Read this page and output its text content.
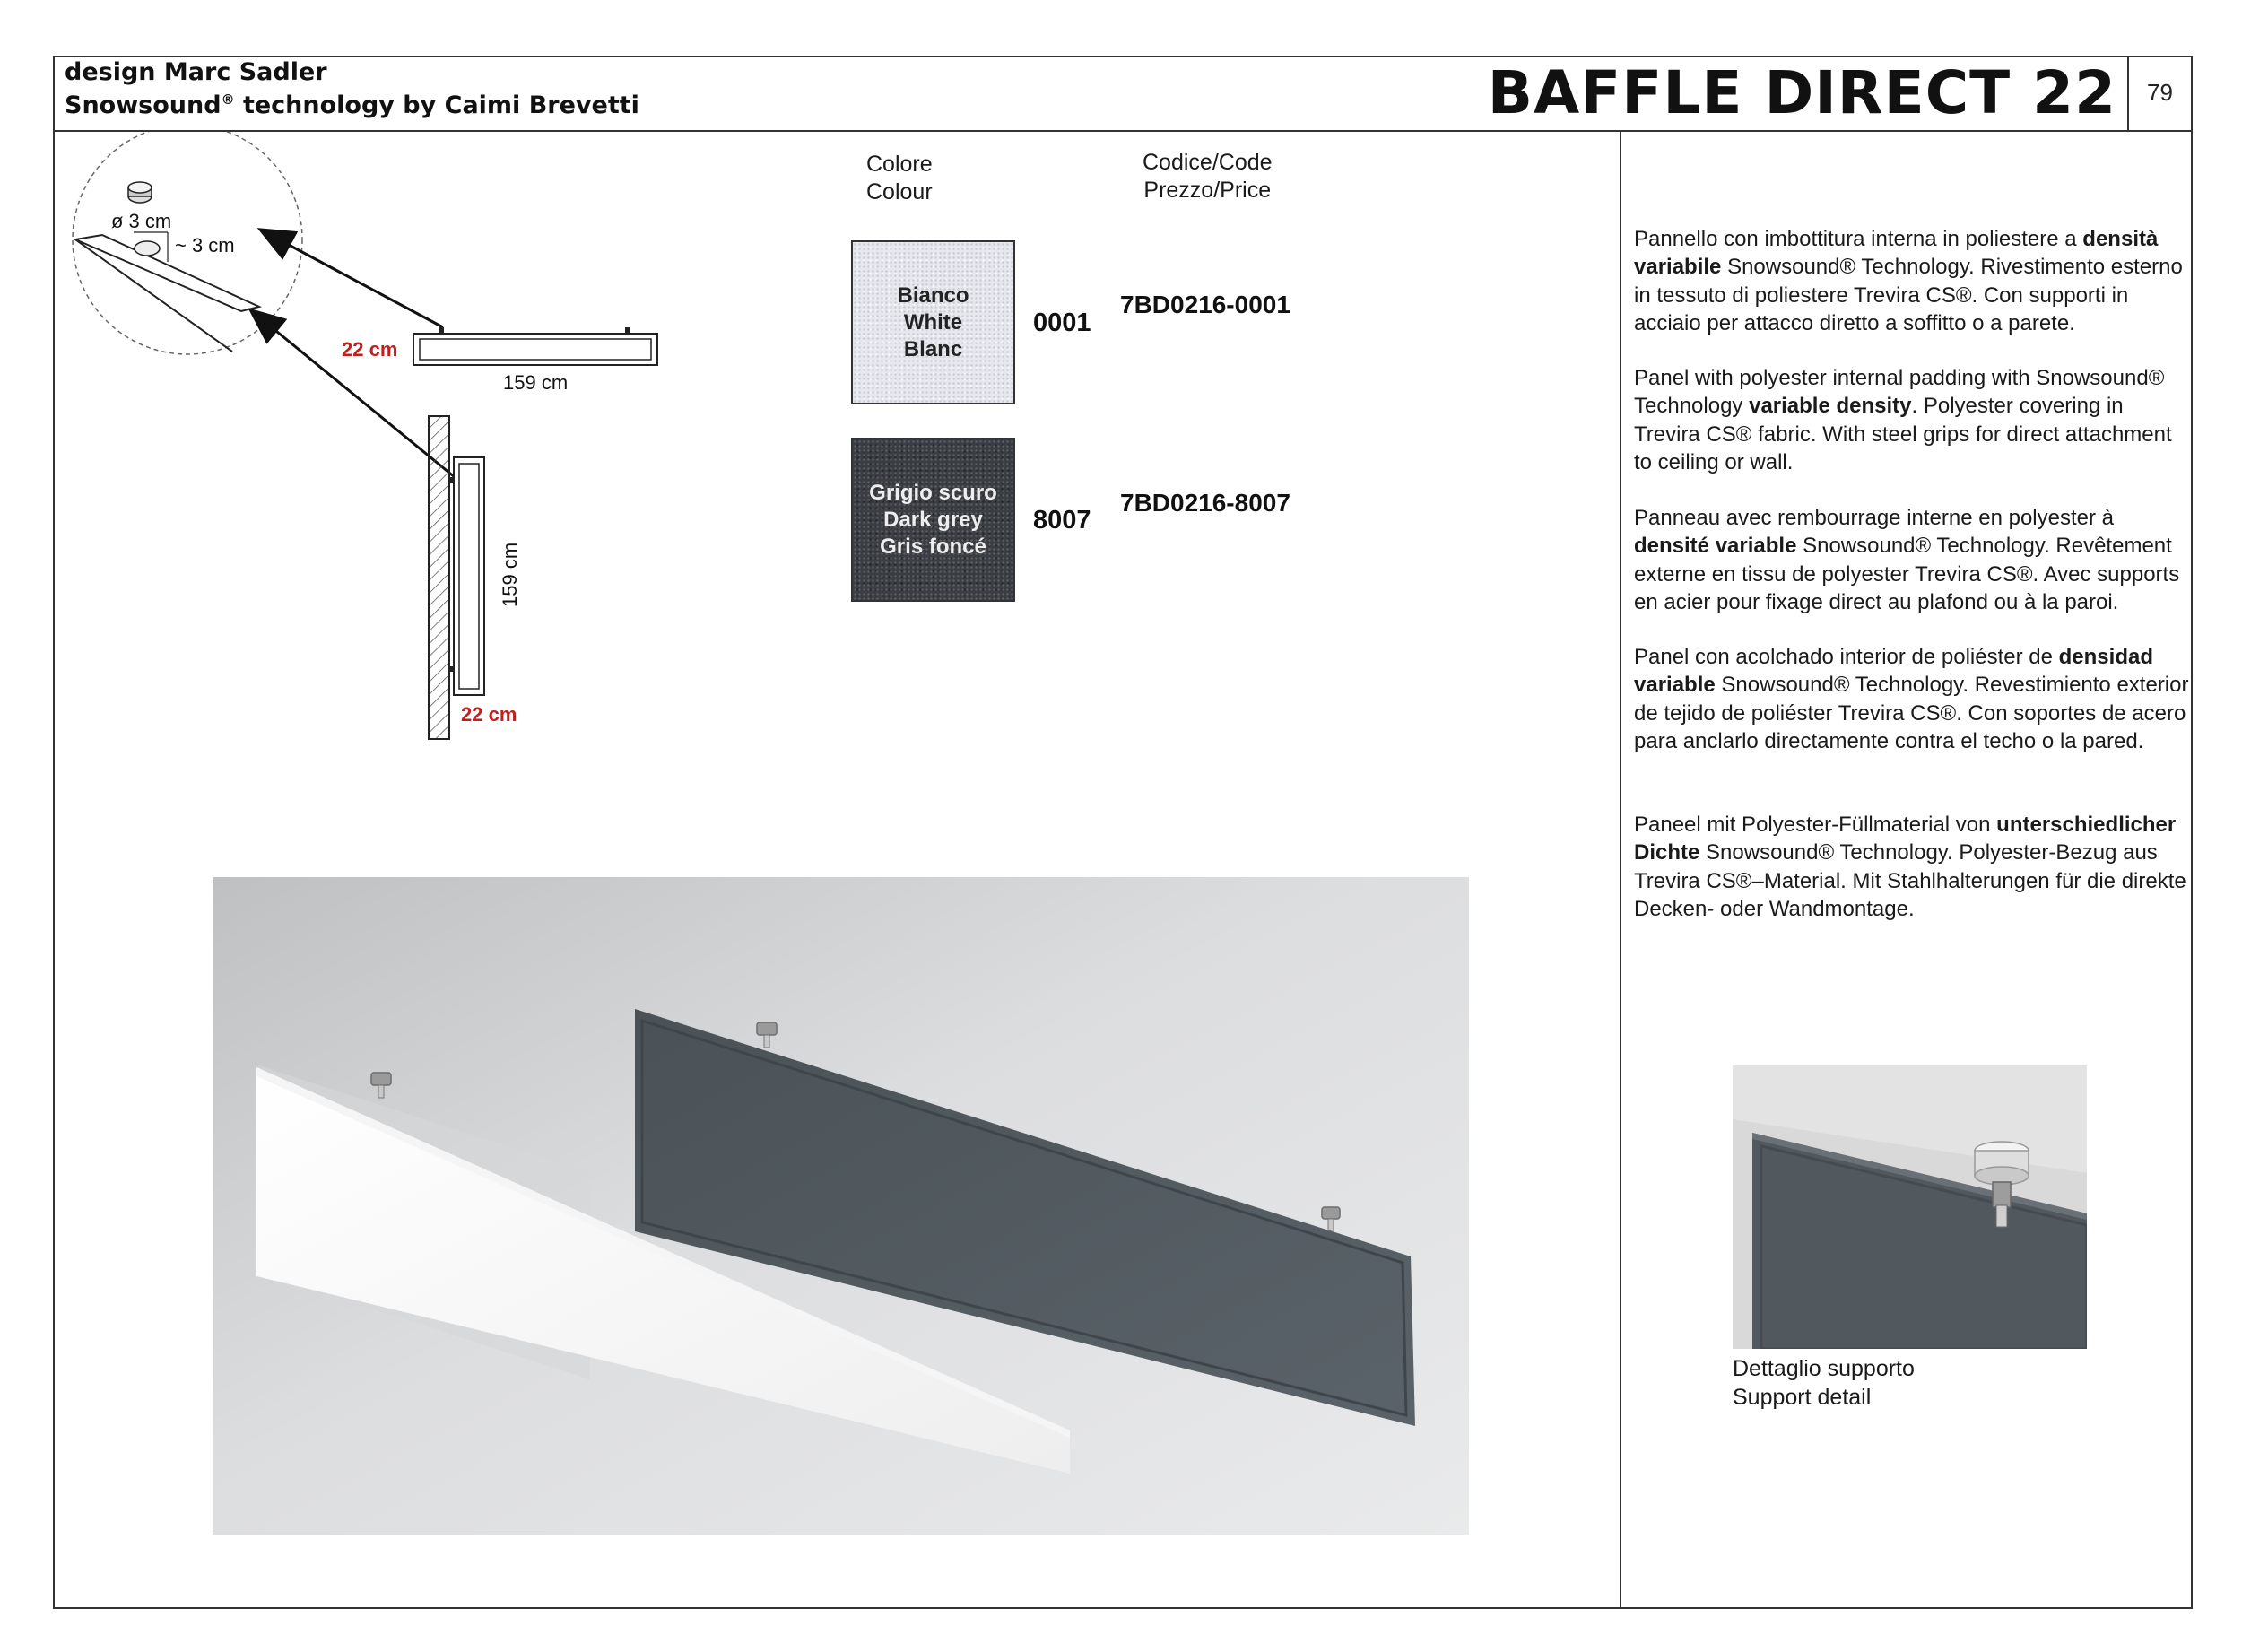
design Marc Sadler
Snowsound® technology by Caimi Brevetti	BAFFLE DIRECT 22	79
ø 3 cm
~ 3 cm
22 cm
159 cm
159 cm
22 cm
Colore
Colour
Codice/Code
Prezzo/Price
Bianco
White
Blanc
0001
7BD0216-0001
Grigio scuro
Dark grey
Gris foncé
8007
7BD0216-8007

Pannello con imbottitura interna in poliestere a densità variabile Snowsound® Technology. Rivestimento esterno in tessuto di poliestere Trevira CS®. Con supporti in acciaio per attacco diretto a soffitto o a parete.

Panel with polyester internal padding with Snowsound® Technology variable density. Polyester covering in Trevira CS® fabric. With steel grips for direct attachment to ceiling or wall.

Panneau avec rembourrage interne en polyester à densité variable Snowsound® Technology. Revêtement externe en tissu de polyester Trevira CS®. Avec supports en acier pour fixage direct au plafond ou à la paroi.

Panel con acolchado interior de poliéster de densidad variable Snowsound® Technology. Revestimiento exterior de tejido de poliéster Trevira CS®. Con soportes de acero para anclarlo directamente contra el techo o la pared.

Paneel mit Polyester-Füllmaterial von unterschiedlicher Dichte Snowsound® Technology. Polyester-Bezug aus Trevira CS®–Material. Mit Stahlhalterungen für die direkte Decken- oder Wandmontage.

Dettaglio supporto
Support detail
